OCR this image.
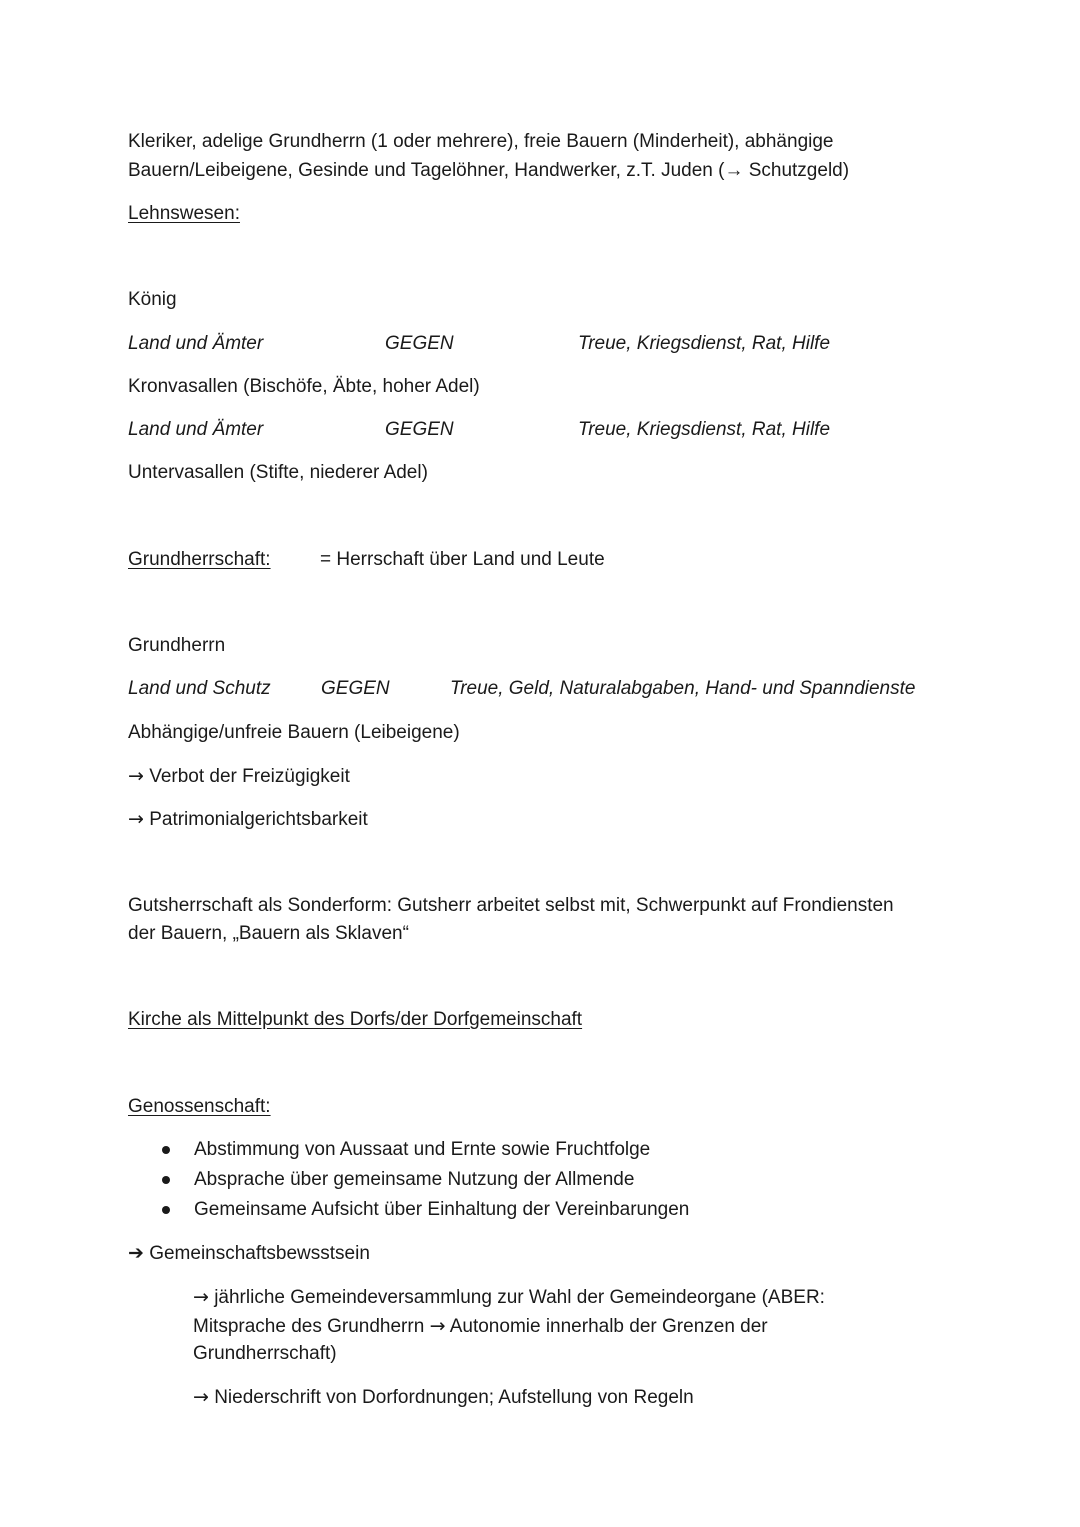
Kleriker, adelige Grundherrn (1 oder mehrere), freie Bauern (Minderheit), abhängige
Bauern/Leibeigene, Gesinde und Tagelöhner, Handwerker, z.T. Juden (→ Schutzgeld)
Lehnswesen:
König
Land und Ämter	GEGEN	Treue, Kriegsdienst, Rat, Hilfe
Kronvasallen (Bischöfe, Äbte, hoher Adel)
Land und Ämter	GEGEN	Treue, Kriegsdienst, Rat, Hilfe
Untervasallen (Stifte, niederer Adel)
Grundherrschaft:	= Herrschaft über Land und Leute
Grundherrn
Land und Schutz	GEGEN	Treue, Geld, Naturalabgaben, Hand- und Spanndienste
Abhängige/unfreie Bauern (Leibeigene)
→ Verbot der Freizügigkeit
→ Patrimonialgerichtsbarkeit
Gutsherrschaft als Sonderform: Gutsherr arbeitet selbst mit, Schwerpunkt auf Frondiensten
der Bauern, „Bauern als Sklaven“
Kirche als Mittelpunkt des Dorfs/der Dorfgemeinschaft
Genossenschaft:
Abstimmung von Aussaat und Ernte sowie Fruchtfolge
Absprache über gemeinsame Nutzung der Allmende
Gemeinsame Aufsicht über Einhaltung der Vereinbarungen
➔ Gemeinschaftsbewsstsein
→ jährliche Gemeindeversammlung zur Wahl der Gemeindeorgane (ABER:
Mitsprache des Grundherrn → Autonomie innerhalb der Grenzen der
Grundherrschaft)
→ Niederschrift von Dorfordnungen; Aufstellung von Regeln
